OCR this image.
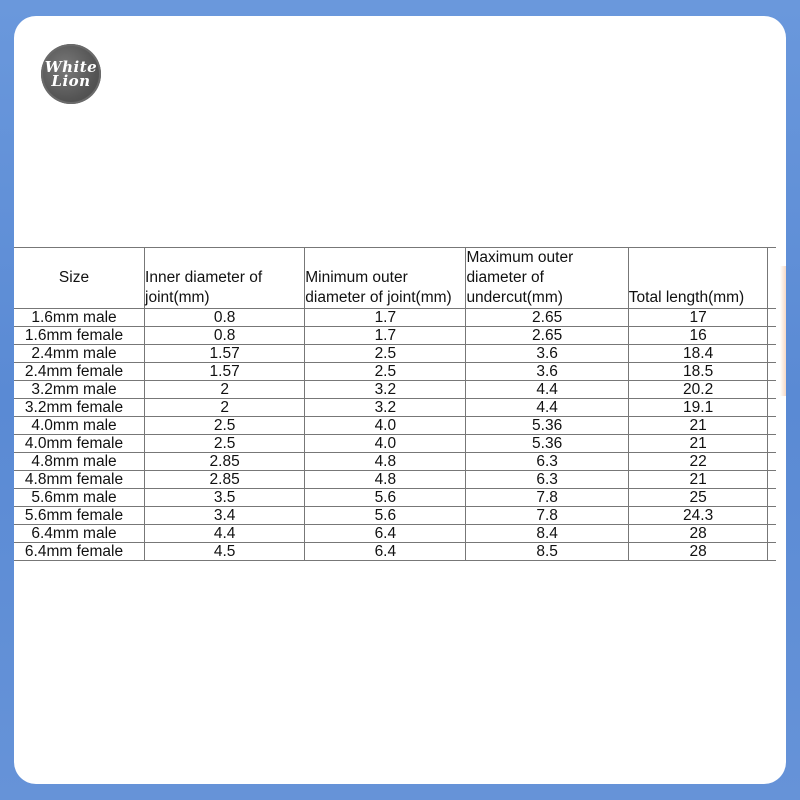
White
Lion
Size	Inner diameter of joint(mm)	Minimum outer diameter of joint(mm)	Maximum outer diameter of undercut(mm)	Total length(mm)	
1.6mm male	0.8	1.7	2.65	17	
1.6mm female	0.8	1.7	2.65	16	
2.4mm male	1.57	2.5	3.6	18.4	
2.4mm female	1.57	2.5	3.6	18.5	
3.2mm male	2	3.2	4.4	20.2	
3.2mm female	2	3.2	4.4	19.1	
4.0mm male	2.5	4.0	5.36	21	
4.0mm female	2.5	4.0	5.36	21	
4.8mm male	2.85	4.8	6.3	22	
4.8mm female	2.85	4.8	6.3	21	
5.6mm male	3.5	5.6	7.8	25	
5.6mm female	3.4	5.6	7.8	24.3	
6.4mm male	4.4	6.4	8.4	28	
6.4mm female	4.5	6.4	8.5	28	
